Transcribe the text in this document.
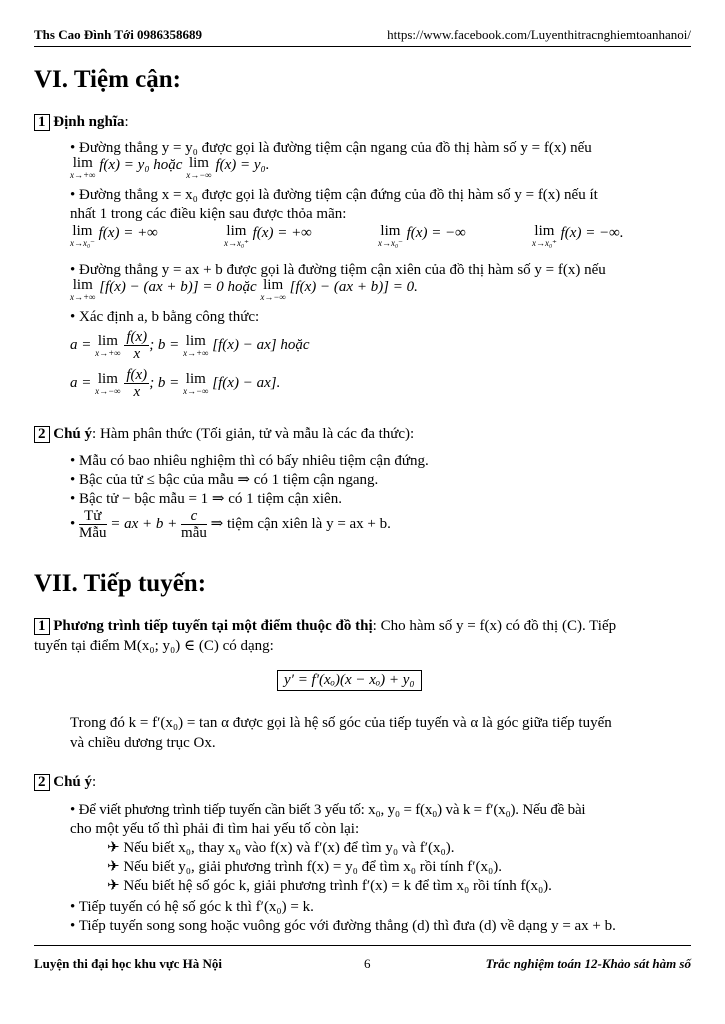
Ths Cao Đình Tới 0986358689	https://www.facebook.com/Luyenthitracnghiemtoanhanoi/
VI. Tiệm cận:
1 Định nghĩa:
• Đường thẳng y = y₀ được gọi là đường tiệm cận ngang của đồ thị hàm số y = f(x) nếu
lim
x→+∞
f(x) = y₀ hoặc lim
x→−∞
f(x) = y₀.
• Đường thẳng x = x₀ được gọi là đường tiệm cận đứng của đồ thị hàm số y = f(x) nếu ít
nhất 1 trong các điều kiện sau được thỏa mãn:
lim
x→x₀⁻
f(x) = +∞	lim
x→x₀⁺
f(x) = +∞	lim
x→x₀⁻
f(x) = −∞	lim
x→x₀⁺
f(x) = −∞.
• Đường thẳng y = ax + b được gọi là đường tiệm cận xiên của đồ thị hàm số y = f(x) nếu
lim
x→+∞
[f(x) − (ax + b)] = 0 hoặc lim
x→−∞
[f(x) − (ax + b)] = 0.
• Xác định a, b bằng công thức:
a = lim
x→+∞
$\frac{f(x)}{x}$ ; b = lim
x→+∞ [f(x) − ax] hoặc
a = lim
x→−∞
$\frac{f(x)}{x}$ ; b = lim
x→−∞ [f(x) − ax].
2 Chú ý: Hàm phân thức (Tối giản, tử và mẫu là các đa thức):
• Mẫu có bao nhiêu nghiệm thì có bấy nhiêu tiệm cận đứng.
• Bậc của tử ≤ bậc của mẫu ⇒ có 1 tiệm cận ngang.
• Bậc tử − bậc mẫu = 1 ⇒ có 1 tiệm cận xiên.
• $\frac{\text{Tử}}{\text{Mẫu}}$ = ax + $b + \frac{c}{\text{mẫu}}$ ⇒ tiệm cận xiên là y = ax + b.
VII. Tiếp tuyến:
1 Phương trình tiếp tuyến tại một điểm thuộc đồ thị: Cho hàm số y = f(x) có đồ thị (C). Tiếp
tuyến tại điểm M(x₀; y₀) ∈ (C) có dạng:
y′ = f′(xₒ)(x − xₒ) + y₀
Trong đó k = f′(x₀) = tan α được gọi là hệ số góc của tiếp tuyến và α là góc giữa tiếp tuyến
và chiều dương trục Ox.
2 Chú ý:
• Để viết phương trình tiếp tuyến cần biết 3 yếu tố: x₀, y₀ = f(x₀) và k = f′(x₀). Nếu đề bài
cho một yếu tố thì phải đi tìm hai yếu tố còn lại:
✈ Nếu biết x₀, thay x₀ vào f(x) và f′(x) để tìm y₀ và f′(x₀).
✈ Nếu biết y₀, giải phương trình f(x) = y₀ để tìm x₀ rồi tính f′(x₀).
✈ Nếu biết hệ số góc k, giải phương trình f′(x) = k để tìm x₀ rồi tính f(x₀).
• Tiếp tuyến có hệ số góc k thì f′(x₀) = k.
• Tiếp tuyến song song hoặc vuông góc với đường thẳng (d) thì đưa (d) về dạng y = ax + b.
Luyện thi đại học khu vực Hà Nội	6	Trắc nghiệm toán 12-Khảo sát hàm số
